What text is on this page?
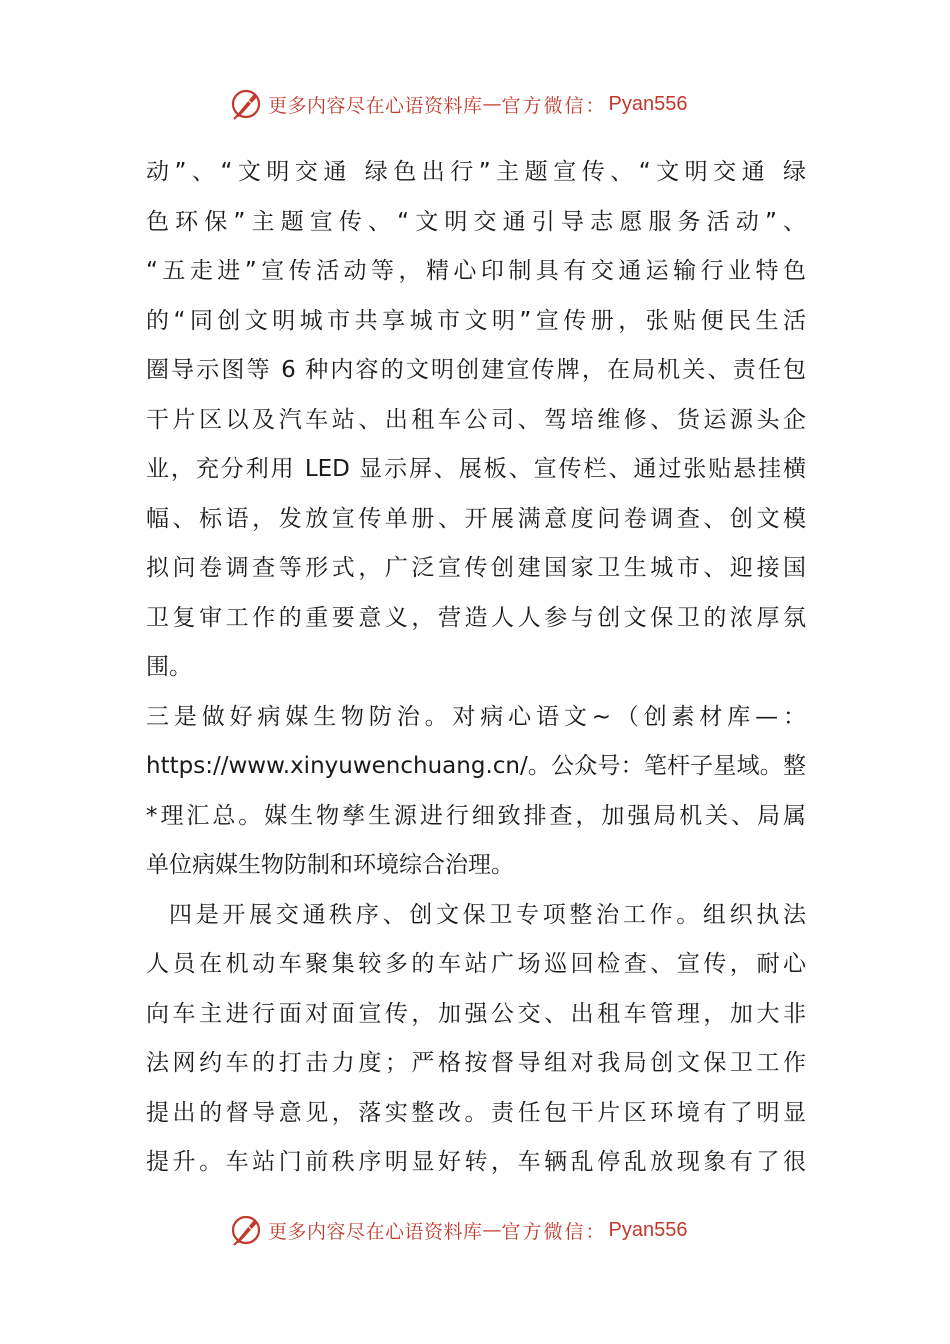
更多内容尽在心语资料库 — 官方微信： Pyan556
动”、“文明交通 绿色出行”主题宣传、“文明交通 绿
色环保”主题宣传、“文明交通引导志愿服务活动”、
“五走进”宣传活动等，精心印制具有交通运输行业特色
的“同创文明城市共享城市文明”宣传册，张贴便民生活
圈导示图等 6 种内容的文明创建宣传牌，在局机关、责任包
干片区以及汽车站、出租车公司、驾培维修、货运源头企
业，充分利用 LED 显示屏、展板、宣传栏、通过张贴悬挂横
幅、标语，发放宣传单册、开展满意度问卷调查、创文模
拟问卷调查等形式，广泛宣传创建国家卫生城市、迎接国
卫复审工作的重要意义，营造人人参与创文保卫的浓厚氛
围。
三是做好病媒生物防治。对病心语文~（创素材库—：
https://www.xinyuwenchuang.cn/。公众号：笔杆子星域。整
*理汇总。媒生物孳生源进行细致排查，加强局机关、局属
单位病媒生物防制和环境综合治理。
四是开展交通秩序、创文保卫专项整治工作。组织执法
人员在机动车聚集较多的车站广场巡回检查、宣传，耐心
向车主进行面对面宣传，加强公交、出租车管理，加大非
法网约车的打击力度；严格按督导组对我局创文保卫工作
提出的督导意见，落实整改。责任包干片区环境有了明显
提升。车站门前秩序明显好转，车辆乱停乱放现象有了很
更多内容尽在心语资料库 — 官方微信： Pyan556
